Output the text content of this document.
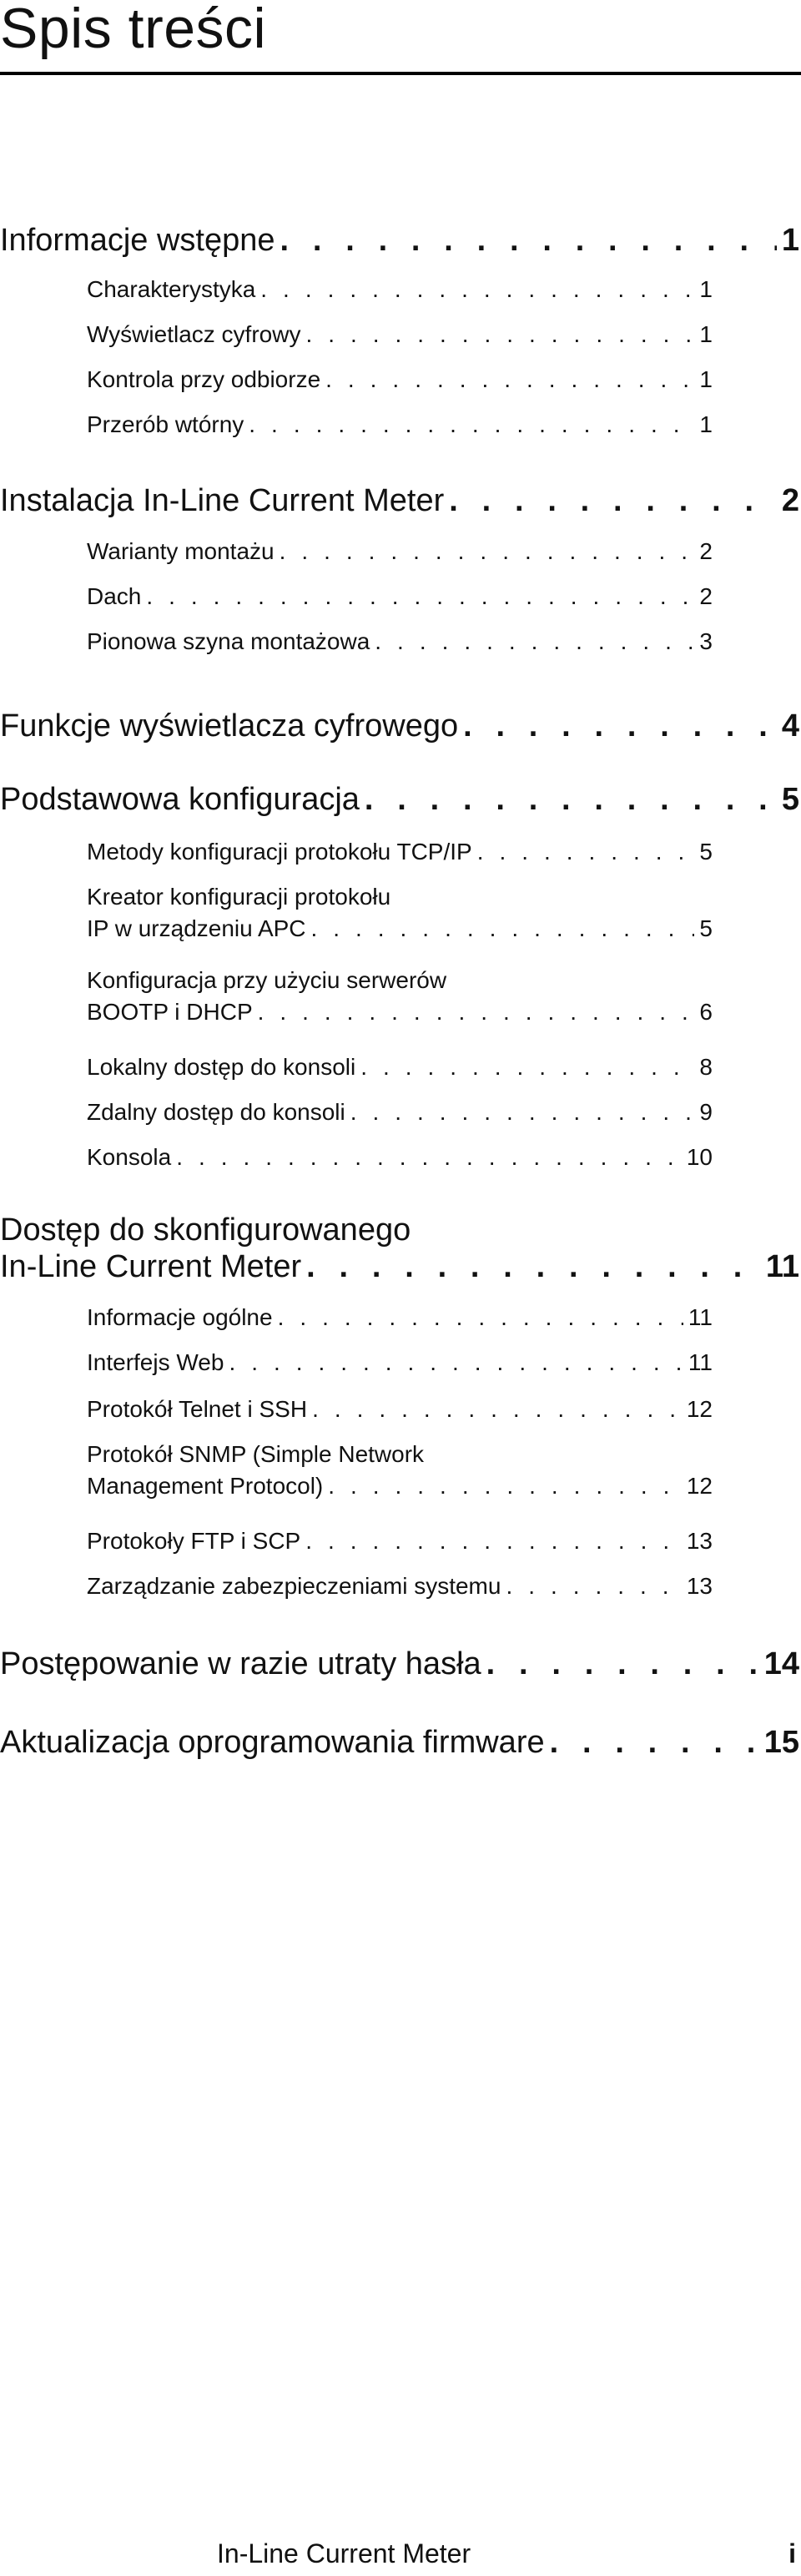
Spis treści
Informacje wstępne . . .	1
Charakterystyka . . .	1
Wyświetlacz cyfrowy . . .	1
Kontrola przy odbiorze . . .	1
Przerób wtórny . . .	1
Instalacja In-Line Current Meter . . .	2
Warianty montażu . . .	2
Dach . . .	2
Pionowa szyna montażowa . . .	3
Funkcje wyświetlacza cyfrowego . . .	4
Podstawowa konfiguracja . . .	5
Metody konfiguracji protokołu TCP/IP . . .	5
Kreator konfiguracji protokołu
IP w urządzeniu APC . . .	5
Konfiguracja przy użyciu serwerów
BOOTP i DHCP . . .	6
Lokalny dostęp do konsoli . . .	8
Zdalny dostęp do konsoli . . .	9
Konsola . . .	10
Dostęp do skonfigurowanego
In-Line Current Meter . . .	11
Informacje ogólne . . .	11
Interfejs Web . . .	11
Protokół Telnet i SSH . . .	12
Protokół SNMP (Simple Network
Management Protocol) . . .	12
Protokoły FTP i SCP . . .	13
Zarządzanie zabezpieczeniami systemu . . .	13
Postępowanie w razie utraty hasła . . .	14
Aktualizacja oprogramowania firmware . . .	15
In-Line Current Meter	i
